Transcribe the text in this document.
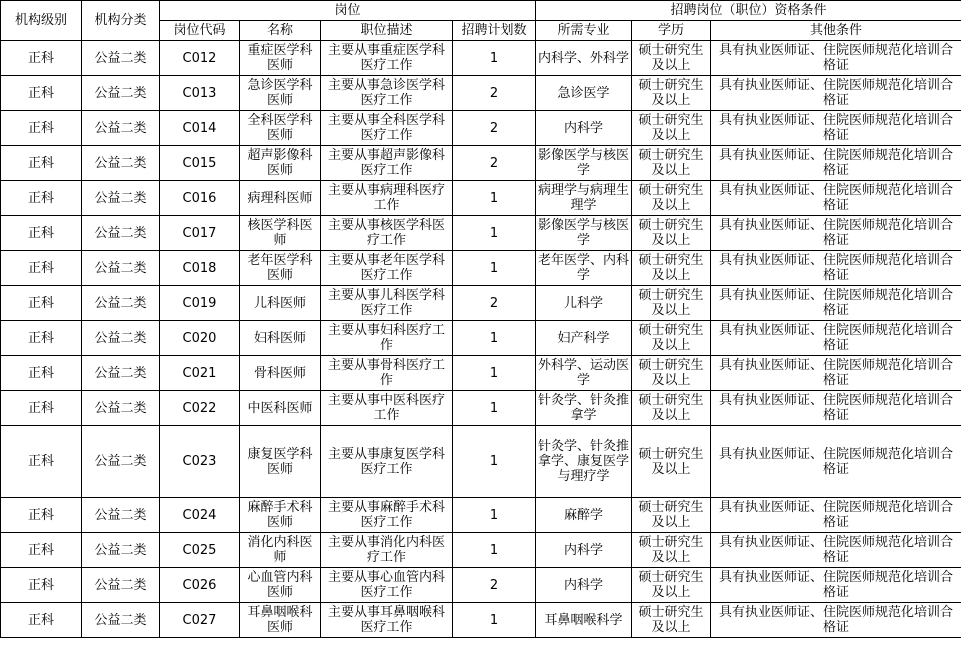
机构级别	机构分类	岗位				招聘岗位（职位）资格条件		
		岗位代码	名称	职位描述	招聘计划数	所需专业	学历	其他条件
正科	公益二类	C012	重症医学科医师	主要从事重症医学科医疗工作	1	内科学、外科学	硕士研究生及以上	具有执业医师证、住院医师规范化培训合格证
正科	公益二类	C013	急诊医学科医师	主要从事急诊医学科医疗工作	2	急诊医学	硕士研究生及以上	具有执业医师证、住院医师规范化培训合格证
正科	公益二类	C014	全科医学科医师	主要从事全科医学科医疗工作	2	内科学	硕士研究生及以上	具有执业医师证、住院医师规范化培训合格证
正科	公益二类	C015	超声影像科医师	主要从事超声影像科医疗工作	2	影像医学与核医学	硕士研究生及以上	具有执业医师证、住院医师规范化培训合格证
正科	公益二类	C016	病理科医师	主要从事病理科医疗工作	1	病理学与病理生理学	硕士研究生及以上	具有执业医师证、住院医师规范化培训合格证
正科	公益二类	C017	核医学科医师	主要从事核医学科医疗工作	1	影像医学与核医学	硕士研究生及以上	具有执业医师证、住院医师规范化培训合格证
正科	公益二类	C018	老年医学科医师	主要从事老年医学科医疗工作	1	老年医学、内科学	硕士研究生及以上	具有执业医师证、住院医师规范化培训合格证
正科	公益二类	C019	儿科医师	主要从事儿科医学科医疗工作	2	儿科学	硕士研究生及以上	具有执业医师证、住院医师规范化培训合格证
正科	公益二类	C020	妇科医师	主要从事妇科医疗工作	1	妇产科学	硕士研究生及以上	具有执业医师证、住院医师规范化培训合格证
正科	公益二类	C021	骨科医师	主要从事骨科医疗工作	1	外科学、运动医学	硕士研究生及以上	具有执业医师证、住院医师规范化培训合格证
正科	公益二类	C022	中医科医师	主要从事中医科医疗工作	1	针灸学、针灸推拿学	硕士研究生及以上	具有执业医师证、住院医师规范化培训合格证
正科	公益二类	C023	康复医学科医师	主要从事康复医学科医疗工作	1	针灸学、针灸推拿学、康复医学与理疗学	硕士研究生及以上	具有执业医师证、住院医师规范化培训合格证
正科	公益二类	C024	麻醉手术科医师	主要从事麻醉手术科医疗工作	1	麻醉学	硕士研究生及以上	具有执业医师证、住院医师规范化培训合格证
正科	公益二类	C025	消化内科医师	主要从事消化内科医疗工作	1	内科学	硕士研究生及以上	具有执业医师证、住院医师规范化培训合格证
正科	公益二类	C026	心血管内科医师	主要从事心血管内科医疗工作	2	内科学	硕士研究生及以上	具有执业医师证、住院医师规范化培训合格证
正科	公益二类	C027	耳鼻咽喉科医师	主要从事耳鼻咽喉科医疗工作	1	耳鼻咽喉科学	硕士研究生及以上	具有执业医师证、住院医师规范化培训合格证
